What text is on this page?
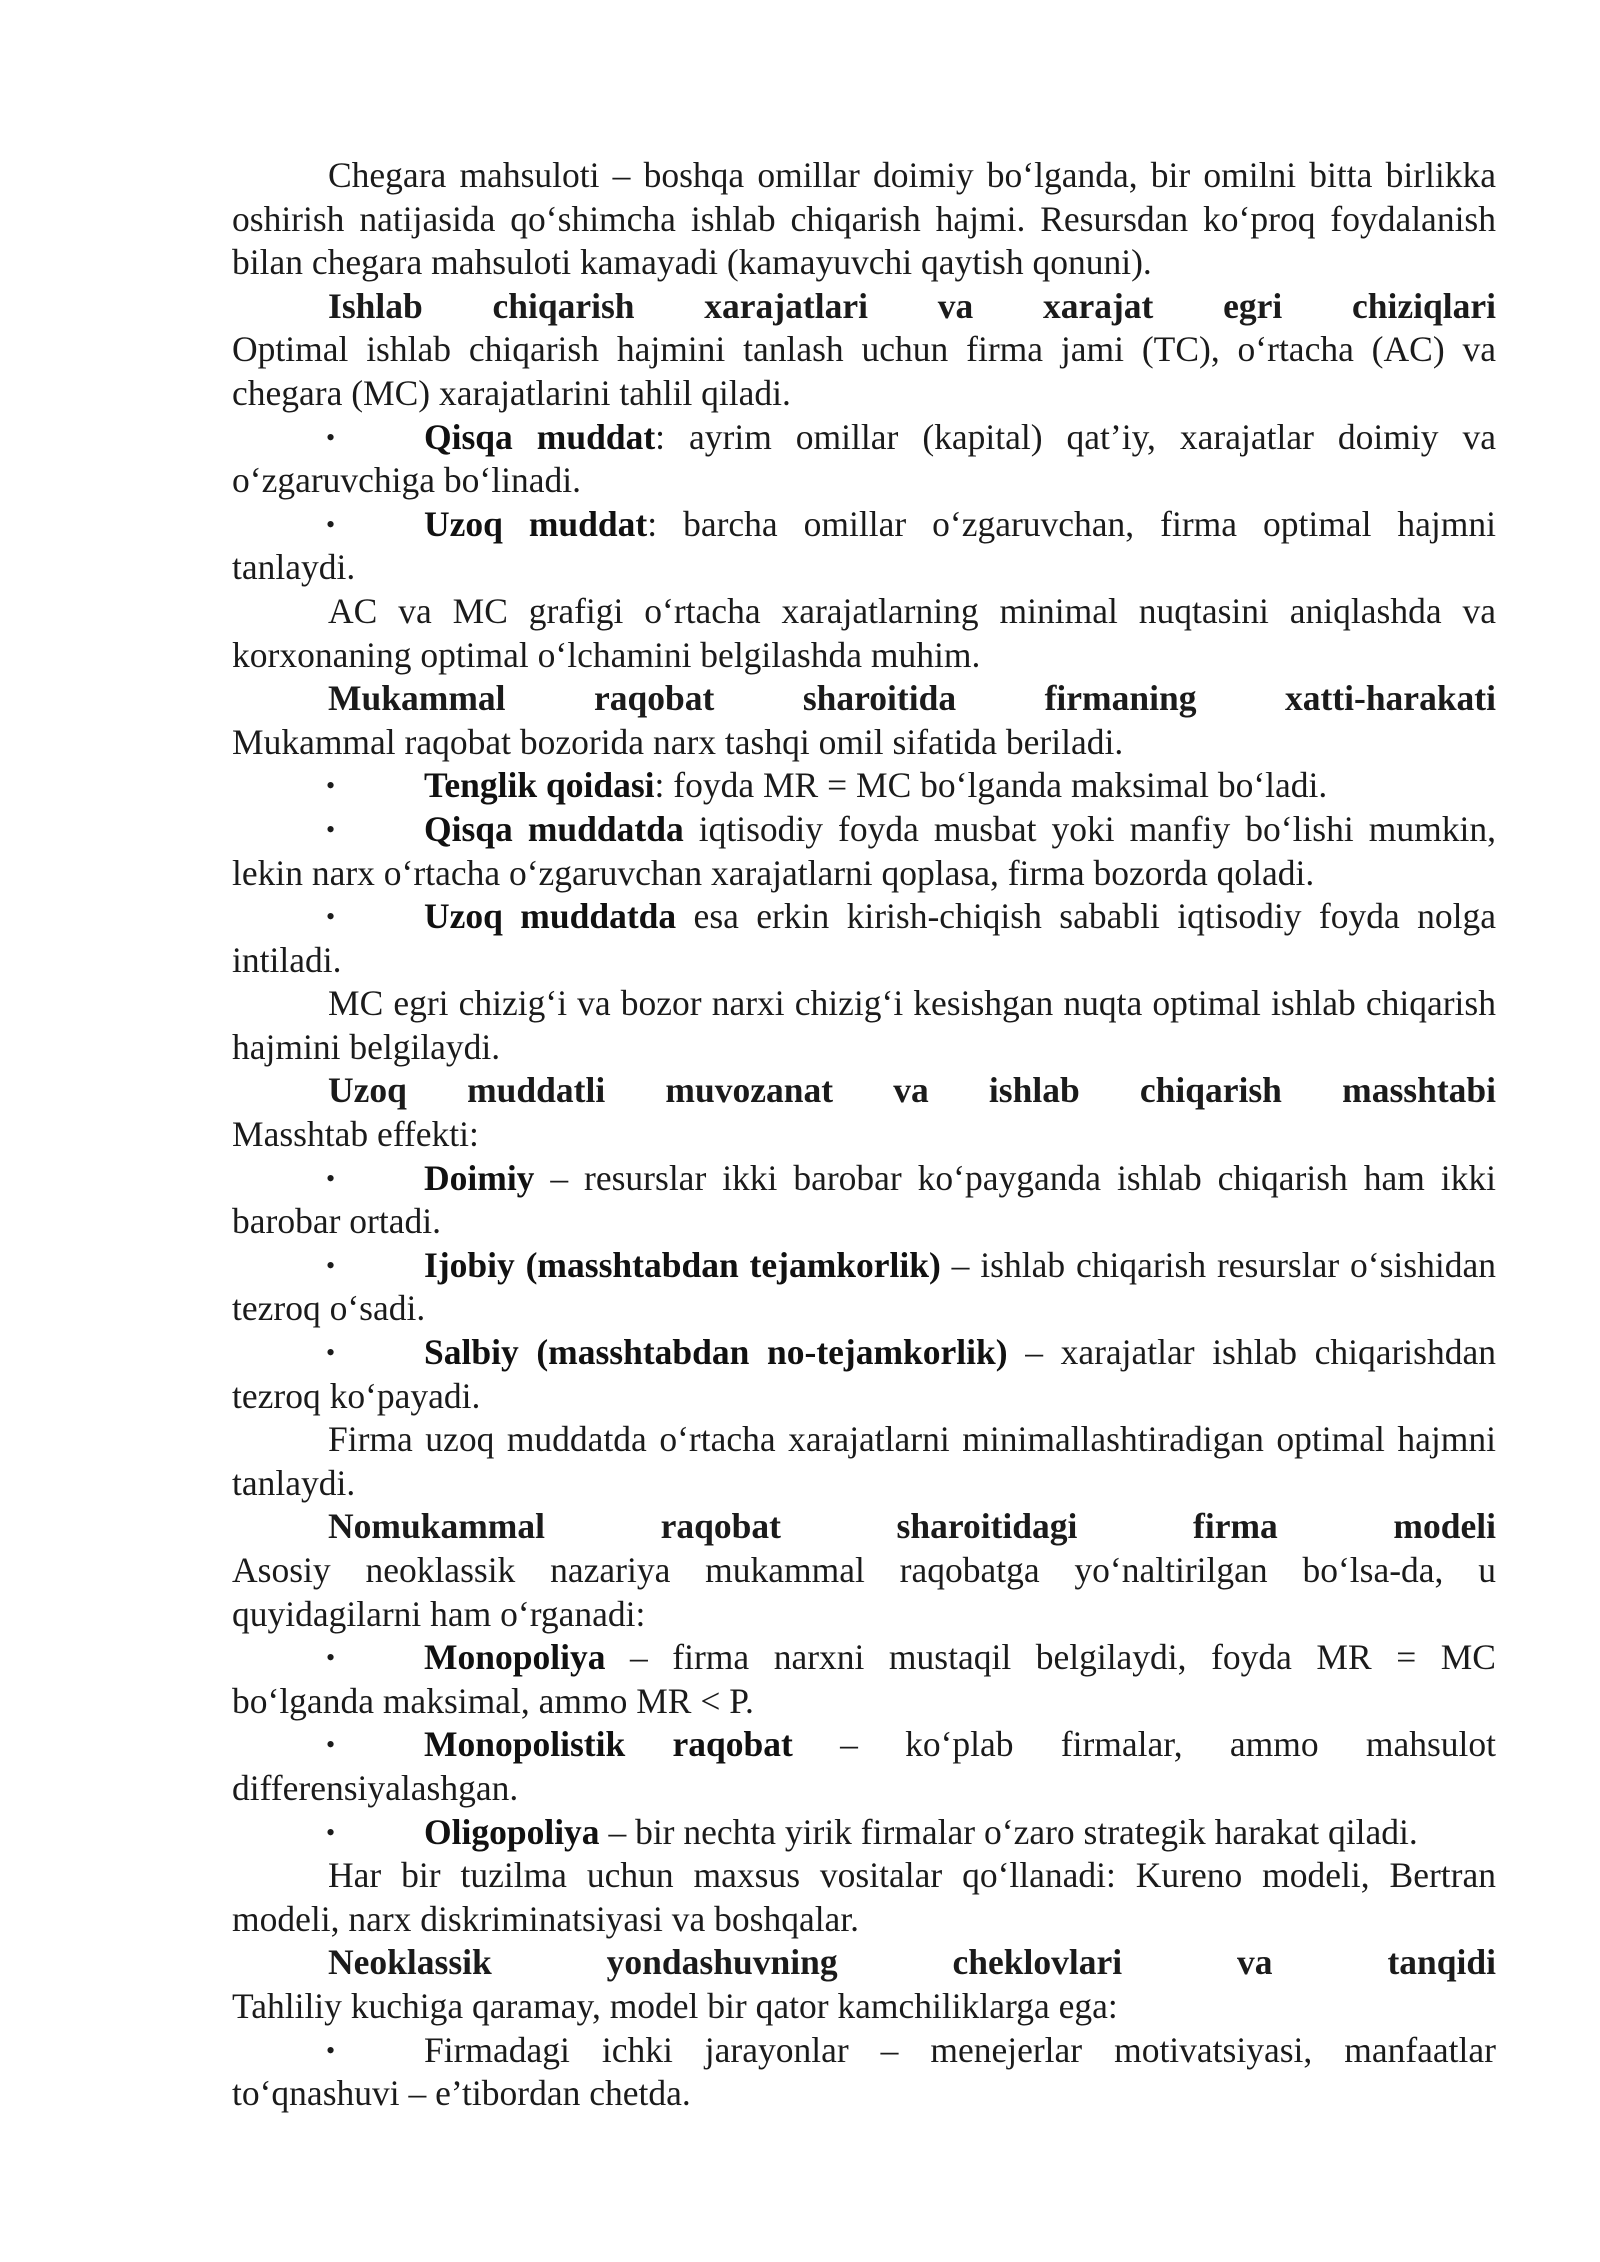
Chegara mahsuloti – boshqa omillar doimiy bo‘lganda, bir omilni bitta birlikka oshirish natijasida qo‘shimcha ishlab chiqarish hajmi. Resursdan ko‘proq foydalanish bilan chegara mahsuloti kamayadi (kamayuvchi qaytish qonuni).

Ishlab chiqarish xarajatlari va xarajat egri chiziqlari

Optimal ishlab chiqarish hajmini tanlash uchun firma jami (TC), o‘rtacha (AC) va chegara (MC) xarajatlarini tahlil qiladi.

•	Qisqa muddat: ayrim omillar (kapital) qat’iy, xarajatlar doimiy va o‘zgaruvchiga bo‘linadi.

•	Uzoq muddat: barcha omillar o‘zgaruvchan, firma optimal hajmni tanlaydi.

AC va MC grafigi o‘rtacha xarajatlarning minimal nuqtasini aniqlashda va korxonaning optimal o‘lchamini belgilashda muhim.

Mukammal raqobat sharoitida firmaning xatti-harakati

Mukammal raqobat bozorida narx tashqi omil sifatida beriladi.

•	Tenglik qoidasi: foyda MR = MC bo‘lganda maksimal bo‘ladi.

•	Qisqa muddatda iqtisodiy foyda musbat yoki manfiy bo‘lishi mumkin, lekin narx o‘rtacha o‘zgaruvchan xarajatlarni qoplasa, firma bozorda qoladi.

•	Uzoq muddatda esa erkin kirish-chiqish sababli iqtisodiy foyda nolga intiladi.

MC egri chizig‘i va bozor narxi chizig‘i kesishgan nuqta optimal ishlab chiqarish hajmini belgilaydi.

Uzoq muddatli muvozanat va ishlab chiqarish masshtabi

Masshtab effekti:

•	Doimiy – resurslar ikki barobar ko‘payganda ishlab chiqarish ham ikki barobar ortadi.

•	Ijobiy (masshtabdan tejamkorlik) – ishlab chiqarish resurslar o‘sishidan tezroq o‘sadi.

•	Salbiy (masshtabdan no-tejamkorlik) – xarajatlar ishlab chiqarishdan tezroq ko‘payadi.

Firma uzoq muddatda o‘rtacha xarajatlarni minimallashtiradigan optimal hajmni tanlaydi.

Nomukammal raqobat sharoitidagi firma modeli

Asosiy neoklassik nazariya mukammal raqobatga yo‘naltirilgan bo‘lsa-da, u quyidagilarni ham o‘rganadi:

•	Monopoliya – firma narxni mustaqil belgilaydi, foyda MR = MC bo‘lganda maksimal, ammo MR < P.

•	Monopolistik raqobat – ko‘plab firmalar, ammo mahsulot differensiyalashgan.

•	Oligopoliya – bir nechta yirik firmalar o‘zaro strategik harakat qiladi.

Har bir tuzilma uchun maxsus vositalar qo‘llanadi: Kureno modeli, Bertran modeli, narx diskriminatsiyasi va boshqalar.

Neoklassik yondashuvning cheklovlari va tanqidi

Tahliliy kuchiga qaramay, model bir qator kamchiliklarga ega:

•	Firmadagi ichki jarayonlar – menejerlar motivatsiyasi, manfaatlar to‘qnashuvi – e’tibordan chetda.
